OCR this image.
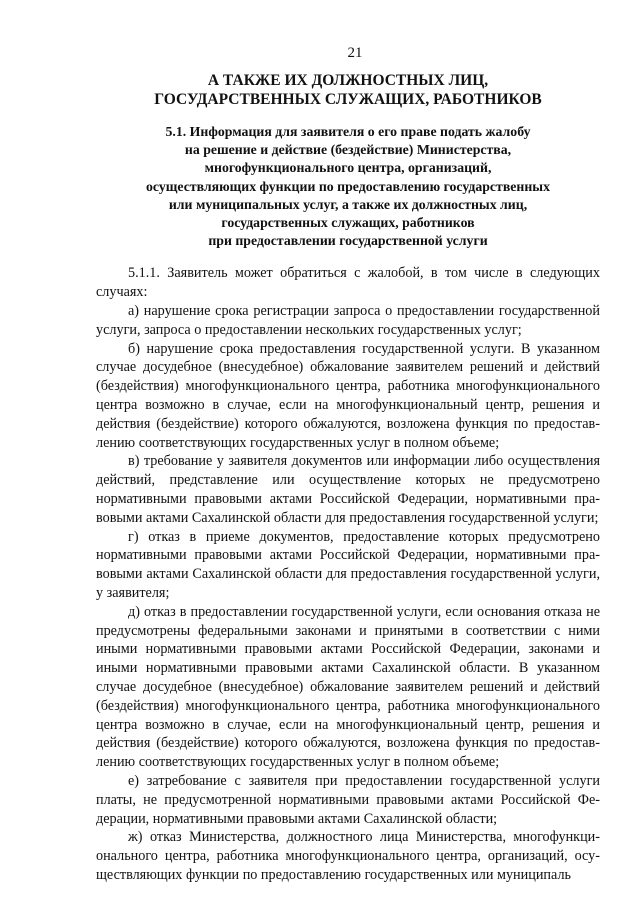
21
А ТАКЖЕ ИХ ДОЛЖНОСТНЫХ ЛИЦ,
ГОСУДАРСТВЕННЫХ СЛУЖАЩИХ, РАБОТНИКОВ
5.1. Информация для заявителя о его праве подать жалобу
на решение и действие (бездействие) Министерства,
многофункционального центра, организаций,
осуществляющих функции по предоставлению государственных
или муниципальных услуг, а также их должностных лиц,
государственных служащих, работников
при предоставлении государственной услуги

5.1.1. Заявитель может обратиться с жалобой, в том числе в следующих случаях:

а) нарушение срока регистрации запроса о предоставлении государственной услуги, запроса о предоставлении нескольких государственных услуг;

б) нарушение срока предоставления государственной услуги. В указанном случае досудебное (внесудебное) обжалование заявителем решений и действий (бездействия) многофункционального центра, работника многофункционального центра возможно в случае, если на многофункциональный центр, решения и действия (бездействие) которого обжалуются, возложена функция по предоставлению соответствующих государственных услуг в полном объеме;

в) требование у заявителя документов или информации либо осуществления действий, представление или осуществление которых не предусмотрено нормативными правовыми актами Российской Федерации, нормативными правовыми актами Сахалинской области для предоставления государственной услуги;

г) отказ в приеме документов, предоставление которых предусмотрено нормативными правовыми актами Российской Федерации, нормативными правовыми актами Сахалинской области для предоставления государственной услуги, у заявителя;

д) отказ в предоставлении государственной услуги, если основания отказа не предусмотрены федеральными законами и принятыми в соответствии с ними иными нормативными правовыми актами Российской Федерации, законами и иными нормативными правовыми актами Сахалинской области. В указанном случае досудебное (внесудебное) обжалование заявителем решений и действий (бездействия) многофункционального центра, работника многофункционального центра возможно в случае, если на многофункциональный центр, решения и действия (бездействие) которого обжалуются, возложена функция по предоставлению соответствующих государственных услуг в полном объеме;

е) затребование с заявителя при предоставлении государственной услуги платы, не предусмотренной нормативными правовыми актами Российской Федерации, нормативными правовыми актами Сахалинской области;

ж) отказ Министерства, должностного лица Министерства, многофункционального центра, работника многофункционального центра, организаций, осуществляющих функции по предоставлению государственных или муниципаль
